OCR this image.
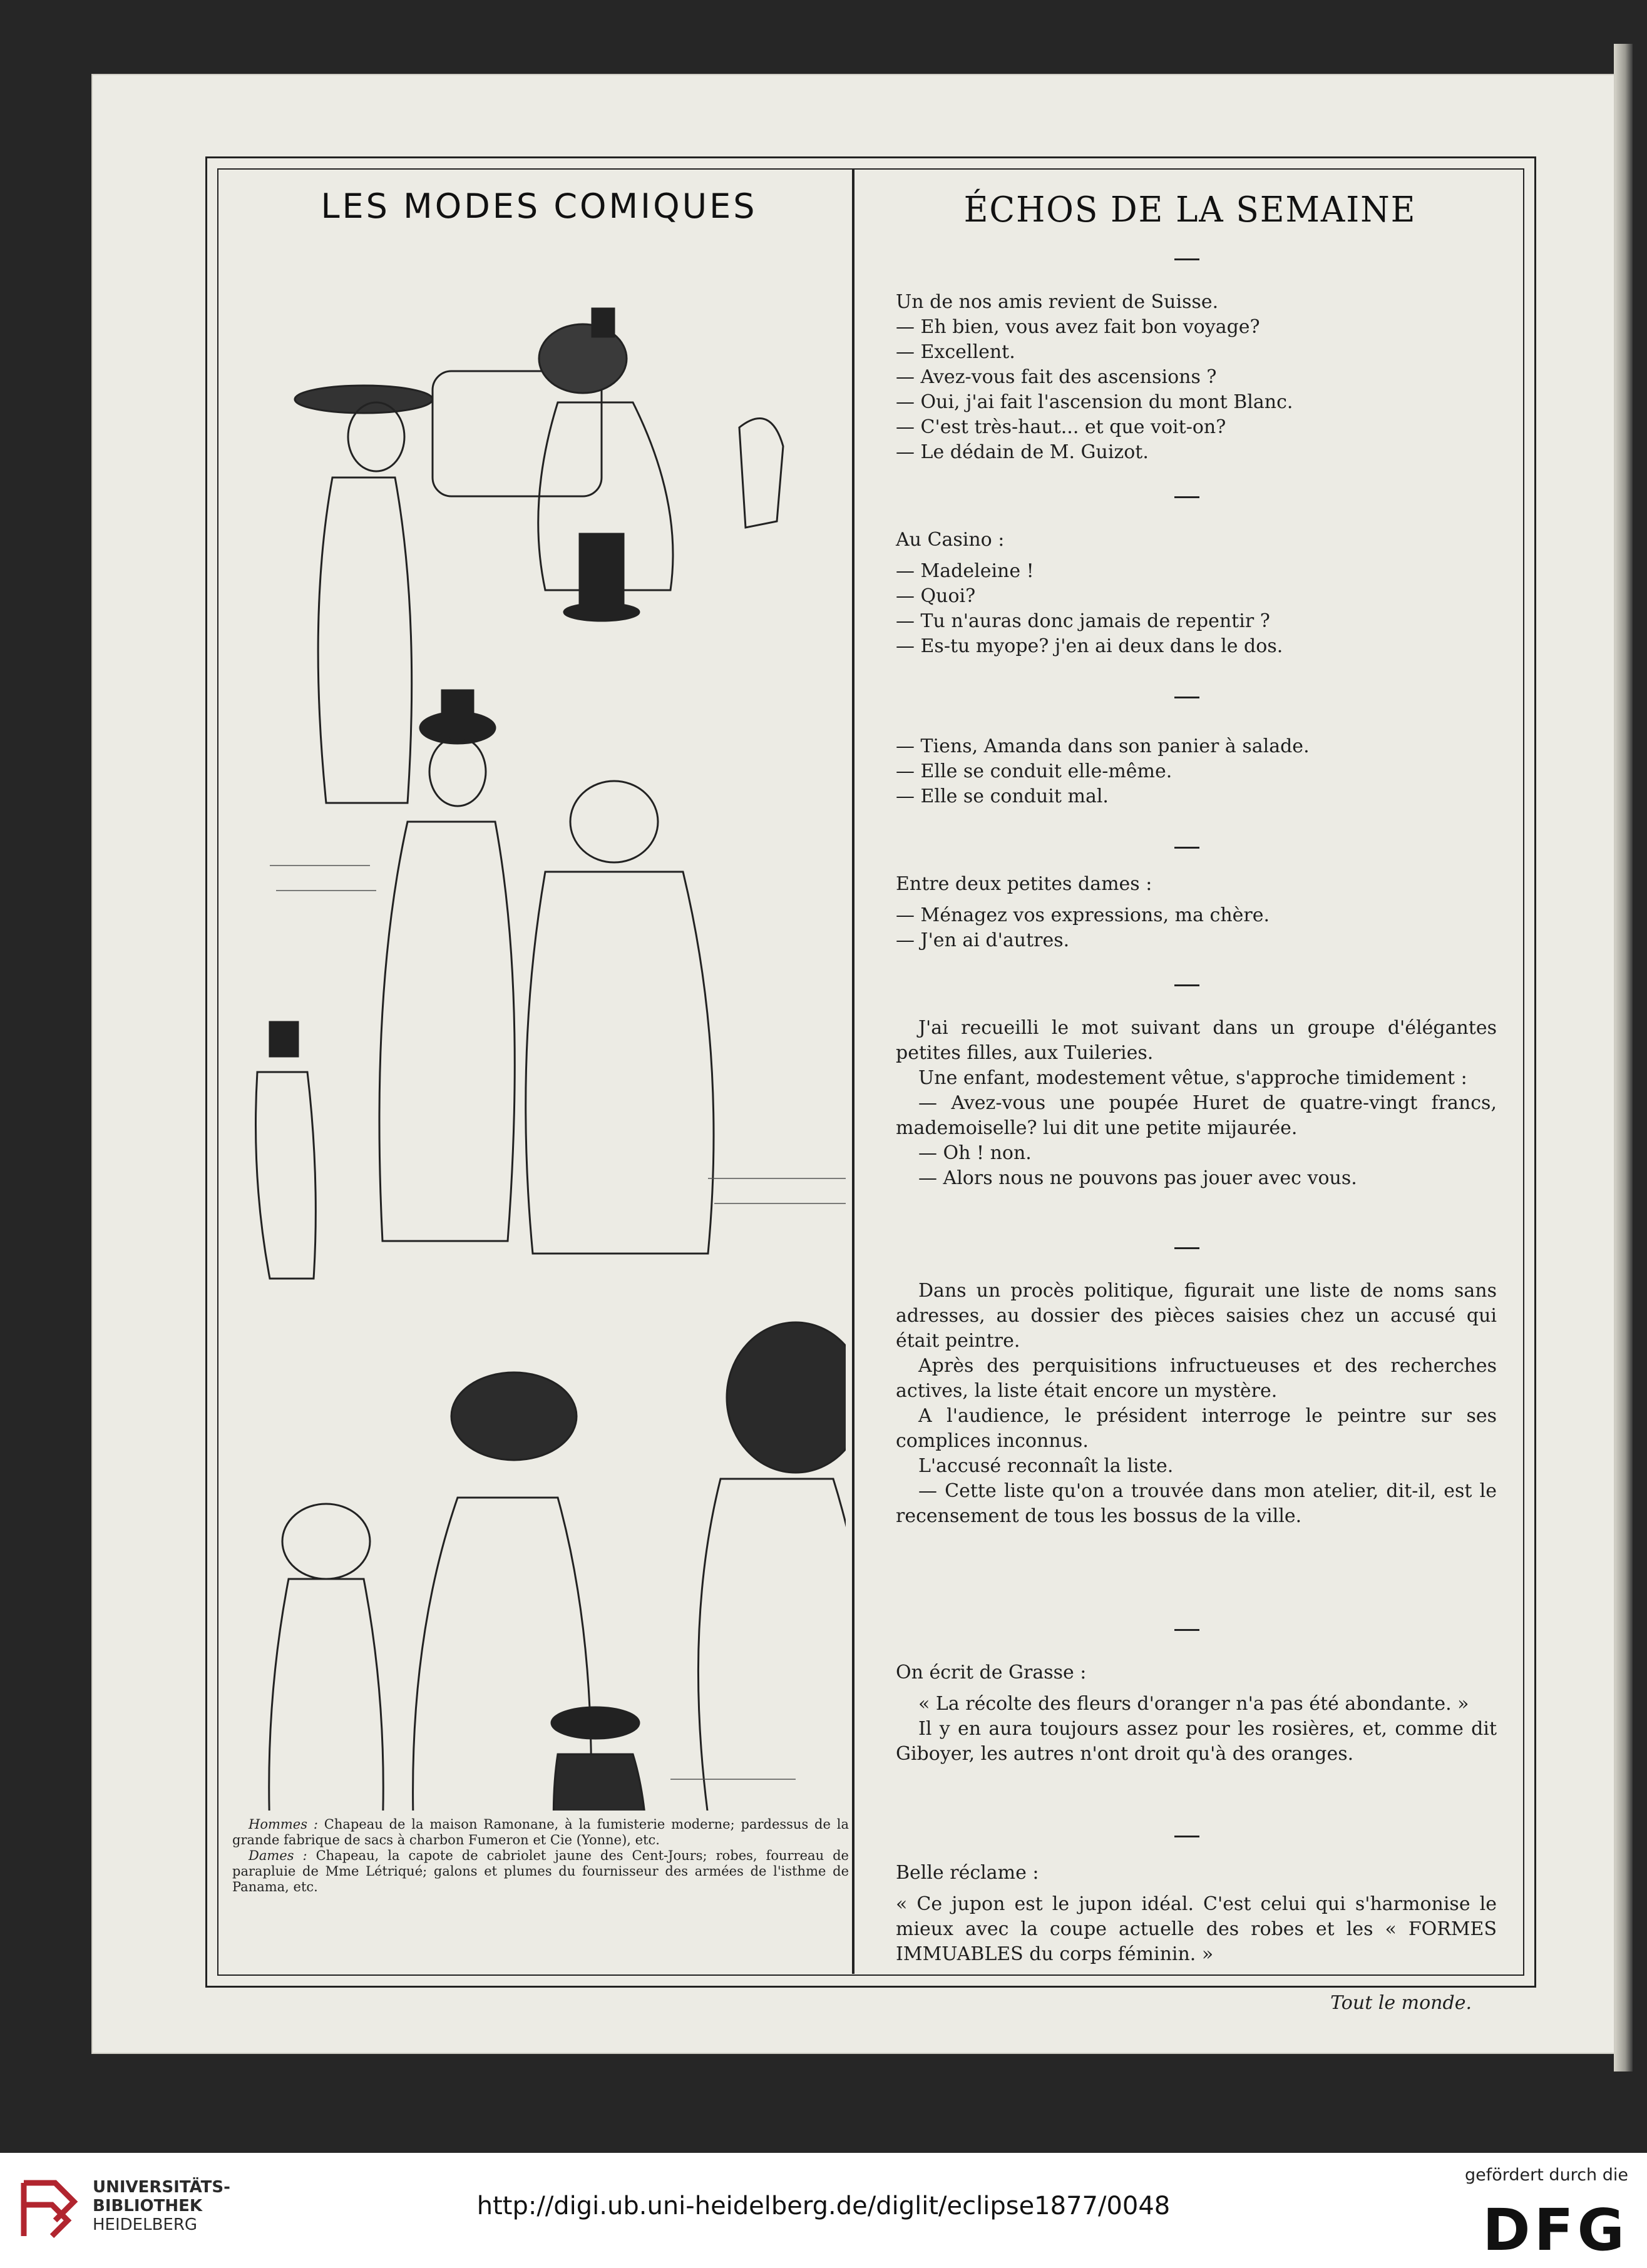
LES MODES COMIQUES

Hommes : Chapeau de la maison Ramonane, à la fumisterie moderne; pardessus de la grande fabrique de sacs à charbon Fumeron et Cie (Yonne), etc.

Dames : Chapeau, la capote de cabriolet jaune des Cent-Jours; robes, fourreau de parapluie de Mme Létriqué; galons et plumes du fournisseur des armées de l'isthme de Panama, etc.

ÉCHOS DE LA SEMAINE
Un de nos amis revient de Suisse.
— Eh bien, vous avez fait bon voyage?
— Excellent.
— Avez-vous fait des ascensions ?
— Oui, j'ai fait l'ascension du mont Blanc.
— C'est très-haut... et que voit-on?
— Le dédain de M. Guizot.
Au Casino :
— Madeleine !
— Quoi?
— Tu n'auras donc jamais de repentir ?
— Es-tu myope? j'en ai deux dans le dos.
— Tiens, Amanda dans son panier à salade.
— Elle se conduit elle-même.
— Elle se conduit mal.
Entre deux petites dames :
— Ménagez vos expressions, ma chère.
— J'en ai d'autres.
J'ai recueilli le mot suivant dans un groupe d'élégantes petites filles, aux Tuileries.
Une enfant, modestement vêtue, s'approche timidement :
— Avez-vous une poupée Huret de quatre-vingt francs, mademoiselle? lui dit une petite mijaurée.
— Oh ! non.
— Alors nous ne pouvons pas jouer avec vous.
Dans un procès politique, figurait une liste de noms sans adresses, au dossier des pièces saisies chez un accusé qui était peintre.
Après des perquisitions infructueuses et des recherches actives, la liste était encore un mystère.
A l'audience, le président interroge le peintre sur ses complices inconnus.
L'accusé reconnaît la liste.
— Cette liste qu'on a trouvée dans mon atelier, dit-il, est le recensement de tous les bossus de la ville.
On écrit de Grasse :
« La récolte des fleurs d'oranger n'a pas été abondante. »
Il y en aura toujours assez pour les rosières, et, comme dit Giboyer, les autres n'ont droit qu'à des oranges.
Belle réclame :
« Ce jupon est le jupon idéal. C'est celui qui s'harmonise le mieux avec la coupe actuelle des robes et les « FORMES IMMUABLES du corps féminin. »
Tout le monde.
UNIVERSITÄTS-
BIBLIOTHEK
HEIDELBERG
http://digi.ub.uni-heidelberg.de/diglit/eclipse1877/0048
gefördert durch die
DFG
